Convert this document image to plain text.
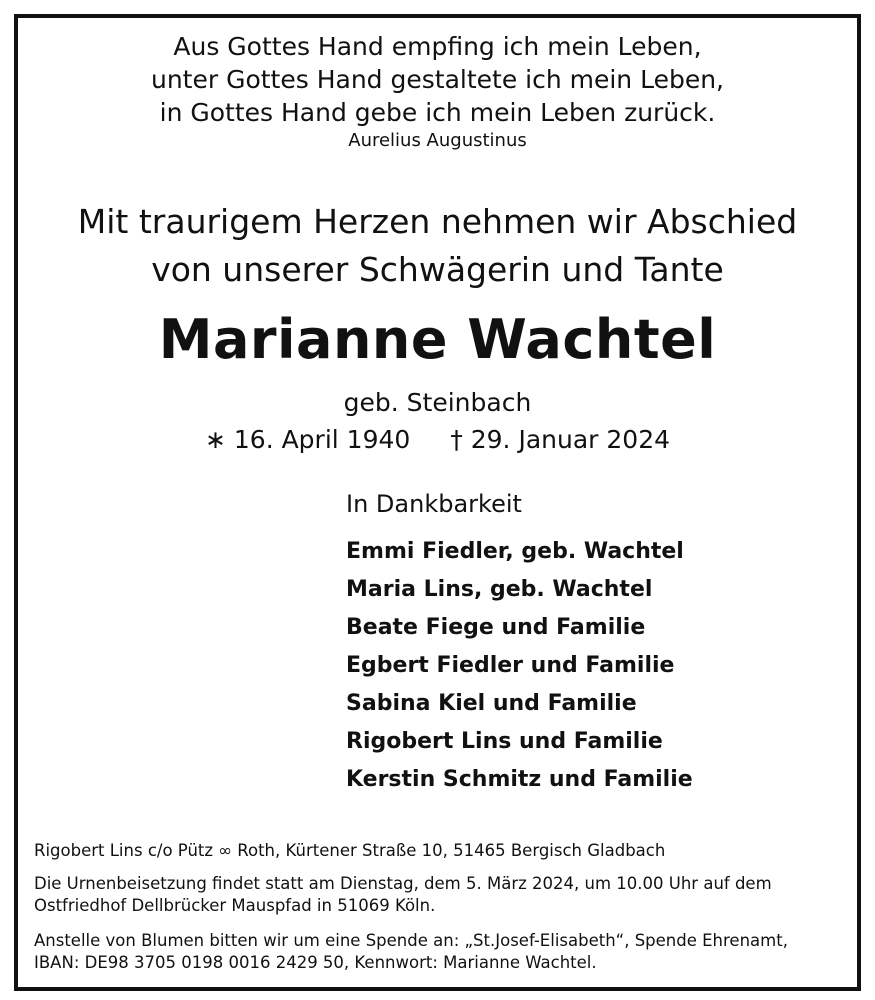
Aus Gottes Hand empfing ich mein Leben,
unter Gottes Hand gestaltete ich mein Leben,
in Gottes Hand gebe ich mein Leben zurück.
Aurelius Augustinus
Mit traurigem Herzen nehmen wir Abschied
von unserer Schwägerin und Tante
Marianne Wachtel
geb. Steinbach
∗ 16. April 1940 † 29. Januar 2024
In Dankbarkeit
Emmi Fiedler, geb. Wachtel
Maria Lins, geb. Wachtel
Beate Fiege und Familie
Egbert Fiedler und Familie
Sabina Kiel und Familie
Rigobert Lins und Familie
Kerstin Schmitz und Familie
Rigobert Lins c/o Pütz ∞ Roth, Kürtener Straße 10, 51465 Bergisch Gladbach
Die Urnenbeisetzung findet statt am Dienstag, dem 5. März 2024, um 10.00 Uhr auf dem
Ostfriedhof Dellbrücker Mauspfad in 51069 Köln.
Anstelle von Blumen bitten wir um eine Spende an: „St.Josef-Elisabeth“, Spende Ehrenamt,
IBAN: DE98 3705 0198 0016 2429 50, Kennwort: Marianne Wachtel.
